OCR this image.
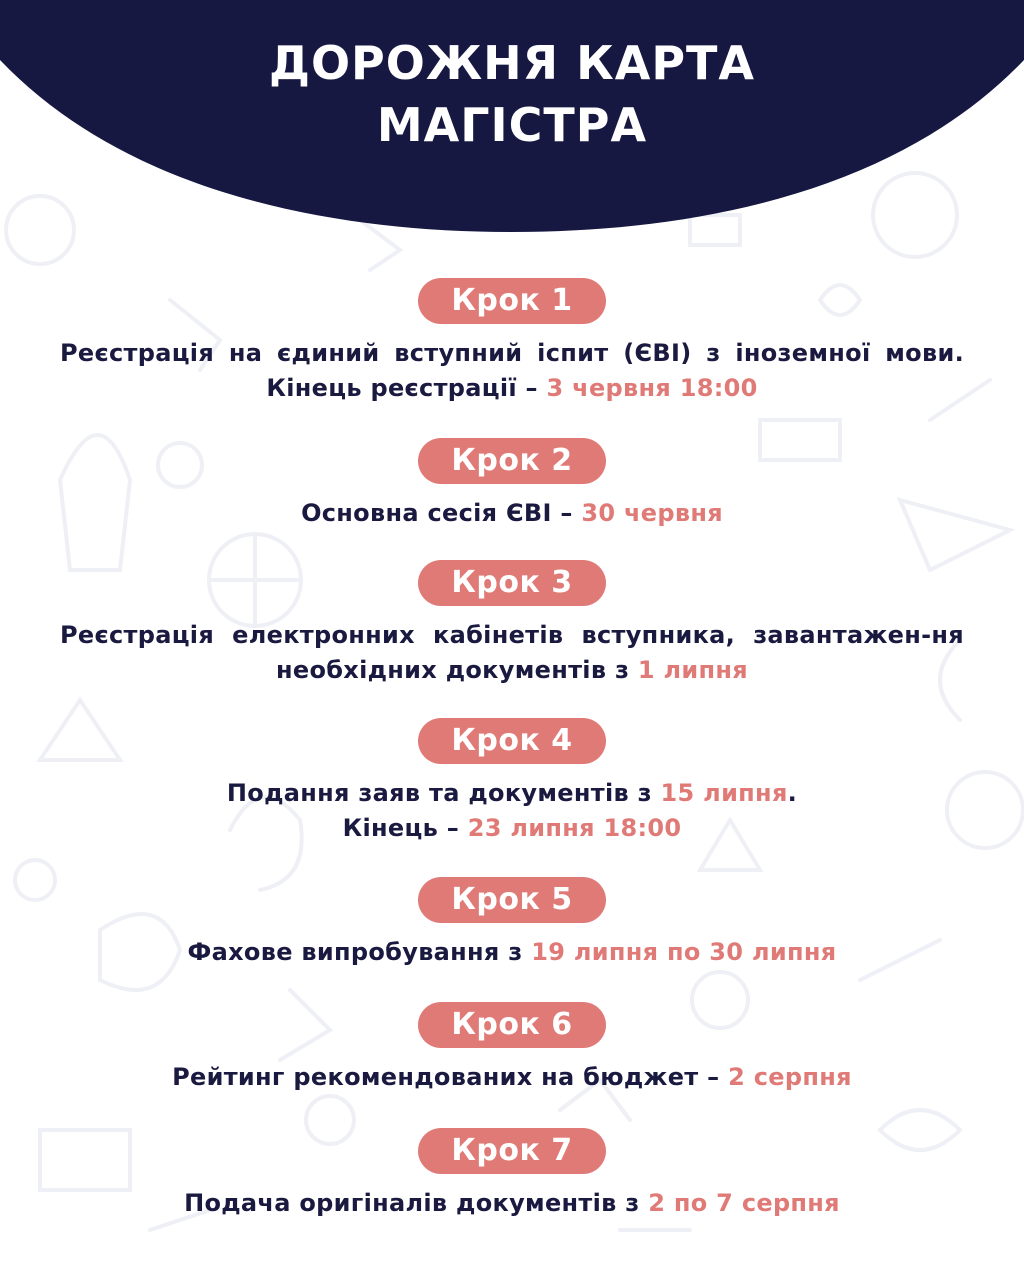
ДОРОЖНЯ КАРТА
МАГІСТРА
Крок 1

Реєстрація на єдиний вступний іспит (ЄВІ) з іноземної мови. Кінець реєстрації – 3 червня 18:00

Крок 2

Основна сесія ЄВІ – 30 червня

Крок 3

Реєстрація електронних кабінетів вступника, завантажен-ня необхідних документів з 1 липня

Крок 4

Подання заяв та документів з 15 липня.
Кінець – 23 липня 18:00

Крок 5

Фахове випробування з 19 липня по 30 липня

Крок 6

Рейтинг рекомендованих на бюджет – 2 серпня

Крок 7

Подача оригіналів документів з 2 по 7 серпня
